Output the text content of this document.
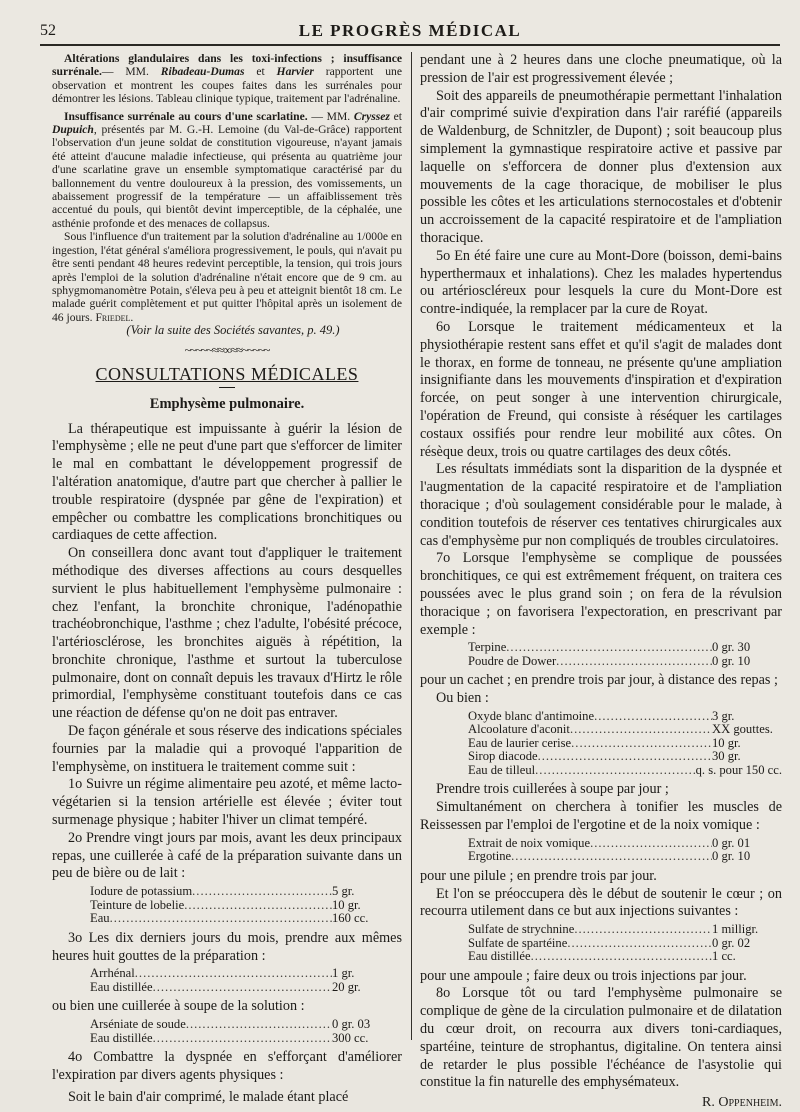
52	LE PROGRÈS MÉDICAL

Altérations glandulaires dans les toxi-infections ; insuffisance surrénale.— MM. Ribadeau-Dumas et Harvier rapportent une observation et montrent les coupes faites dans les surrénales pour démontrer les lésions. Tableau clinique typique, traitement par l'adrénaline.

Insuffisance surrénale au cours d'une scarlatine. — MM. Cryssez et Dupuich, présentés par M. G.-H. Lemoine (du Val-de-Grâce) rapportent l'observation d'un jeune soldat de constitution vigoureuse, n'ayant jamais été atteint d'aucune maladie infectieuse, qui présenta au quatrième jour d'une scarlatine grave un ensemble symptomatique caractérisé par du ballonnement du ventre douloureux à la pression, des vomissements, un abaissement progressif de la température — un affaiblissement très accentué du pouls, qui bientôt devint imperceptible, de la céphalée, une asthénie profonde et des menaces de collapsus.

Sous l'influence d'un traitement par la solution d'adrénaline au 1/000e en ingestion, l'état général s'améliora progressivement, le pouls, qui n'avait pu être senti pendant 48 heures redevint perceptible, la tension, qui trois jours après l'emploi de la solution d'adrénaline n'était encore que de 9 cm. au sphygmomanomètre Potain, s'éleva peu à peu et atteignit bientôt 18 cm. Le malade guérit complètement et put quitter l'hôpital après un isolement de 46 jours. Friedel.

(Voir la suite des Sociétés savantes, p. 49.)

~~~~~≈≈∞≈≈~~~~~
CONSULTATIONS MÉDICALES
Emphysème pulmonaire.

La thérapeutique est impuissante à guérir la lésion de l'emphysème ; elle ne peut d'une part que s'efforcer de limiter le mal en combattant le développement progressif de l'altération anatomique, d'autre part que chercher à pallier le trouble respiratoire (dyspnée par gêne de l'expiration) et empêcher ou combattre les complications bronchitiques ou cardiaques de cette affection.

On conseillera donc avant tout d'appliquer le traitement méthodique des diverses affections au cours desquelles survient le plus habituellement l'emphysème pulmonaire : chez l'enfant, la bronchite chronique, l'adénopathie trachéobronchique, l'asthme ; chez l'adulte, l'obésité précoce, l'artériosclérose, les bronchites aiguës à répétition, la bronchite chronique, l'asthme et surtout la tuberculose pulmonaire, dont on connaît depuis les travaux d'Hirtz le rôle primordial, l'emphysème constituant toutefois dans ce cas une réaction de défense qu'on ne doit pas entraver.

De façon générale et sous réserve des indications spéciales fournies par la maladie qui a provoqué l'apparition de l'emphysème, on instituera le traitement comme suit :

1o Suivre un régime alimentaire peu azoté, et même lacto-végétarien si la tension artérielle est élevée ; éviter tout surmenage physique ; habiter l'hiver un climat tempéré.

2o Prendre vingt jours par mois, avant les deux principaux repas, une cuillerée à café de la préparation suivante dans un peu de bière ou de lait :

Iodure de potassium .....	5 gr.
Teinture de lobelie .....	10 gr.
Eau .....	160 cc.

3o Les dix derniers jours du mois, prendre aux mêmes heures huit gouttes de la préparation :

Arrhénal .....	1 gr.
Eau distillée .....	20 gr.

ou bien une cuillerée à soupe de la solution :

Arséniate de soude .....	0 gr. 03
Eau distillée .....	300 cc.

4o Combattre la dyspnée en s'efforçant d'améliorer l'expiration par divers agents physiques :

Soit le bain d'air comprimé, le malade étant placé

pendant une à 2 heures dans une cloche pneumatique, où la pression de l'air est progressivement élevée ;

Soit des appareils de pneumothérapie permettant l'inhalation d'air comprimé suivie d'expiration dans l'air raréfié (appareils de Waldenburg, de Schnitzler, de Dupont) ; soit beaucoup plus simplement la gymnastique respiratoire active et passive par laquelle on s'efforcera de donner plus d'extension aux mouvements de la cage thoracique, de mobiliser le plus possible les côtes et les articulations sternocostales et d'obtenir un accroissement de la capacité respiratoire et de l'ampliation thoracique.

5o En été faire une cure au Mont-Dore (boisson, demi-bains hyperthermaux et inhalations). Chez les malades hypertendus ou artérioscléreux pour lesquels la cure du Mont-Dore est contre-indiquée, la remplacer par la cure de Royat.

6o Lorsque le traitement médicamenteux et la physiothérapie restent sans effet et qu'il s'agit de malades dont le thorax, en forme de tonneau, ne présente qu'une ampliation insignifiante dans les mouvements d'inspiration et d'expiration forcée, on peut songer à une intervention chirurgicale, l'opération de Freund, qui consiste à réséquer les cartilages costaux ossifiés pour rendre leur mobilité aux côtes. On résèque deux, trois ou quatre cartilages des deux côtés.

Les résultats immédiats sont la disparition de la dyspnée et l'augmentation de la capacité respiratoire et de l'ampliation thoracique ; d'où soulagement considérable pour le malade, à condition toutefois de réserver ces tentatives chirurgicales aux cas d'emphysème pur non compliqués de troubles circulatoires.

7o Lorsque l'emphysème se complique de poussées bronchitiques, ce qui est extrêmement fréquent, on traitera ces poussées avec le plus grand soin ; on fera de la révulsion thoracique ; on favorisera l'expectoration, en prescrivant par exemple :

Terpine .....	0 gr. 30
Poudre de Dower .....	0 gr. 10

pour un cachet ; en prendre trois par jour, à distance des repas ;

Ou bien :

Oxyde blanc d'antimoine .....	3 gr.
Alcoolature d'aconit .....	XX gouttes.
Eau de laurier cerise .....	10 gr.
Sirop diacode .....	30 gr.
Eau de tilleul .....	q. s. pour 150 cc.

Prendre trois cuillerées à soupe par jour ;

Simultanément on cherchera à tonifier les muscles de Reissessen par l'emploi de l'ergotine et de la noix vomique :

Extrait de noix vomique .....	0 gr. 01
Ergotine .....	0 gr. 10

pour une pilule ; en prendre trois par jour.

Et l'on se préoccupera dès le début de soutenir le cœur ; on recourra utilement dans ce but aux injections suivantes :

Sulfate de strychnine .....	1 milligr.
Sulfate de spartéine .....	0 gr. 02
Eau distillée .....	1 cc.

pour une ampoule ; faire deux ou trois injections par jour.

8o Lorsque tôt ou tard l'emphysème pulmonaire se complique de gène de la circulation pulmonaire et de dilatation du cœur droit, on recourra aux divers toni-cardiaques, spartéine, teinture de strophantus, digitaline. On tentera ainsi de retarder le plus possible l'échéance de l'asystolie qui constitue la fin naturelle des emphysémateux.

R. Oppenheim.
